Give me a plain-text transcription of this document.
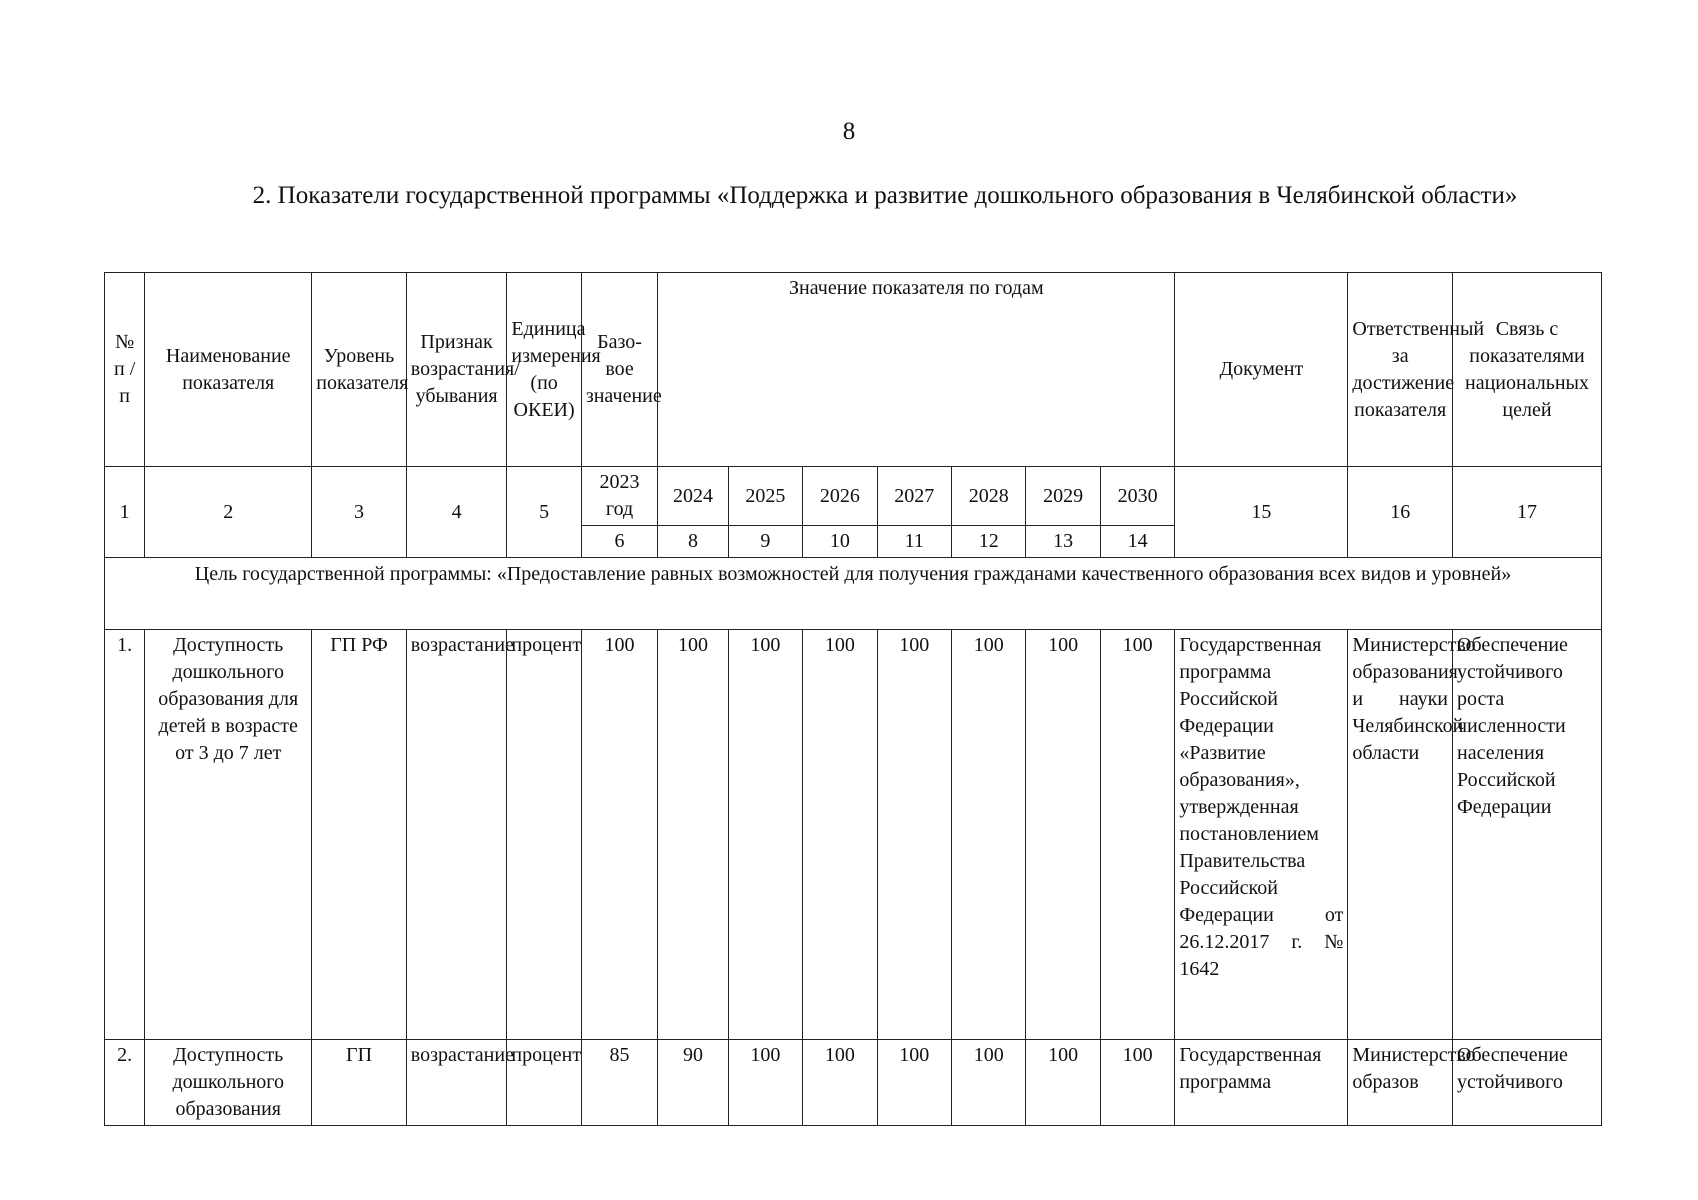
8
2. Показатели государственной программы «Поддержка и развитие дошкольного образования в Челябинской области»
№ п / п	Наименование показателя	Уровень показателя	Признак возрастания/ убывания	Единица измерения (по ОКЕИ)	Базо-вое значение	Значение показателя по годам							Документ	Ответственный за достижение показателя	Связь с показателями национальных целей
1	2	3	4	5	2023 год	2024	2025	2026	2027	2028	2029	2030	15	16	17
					6	8	9	10	11	12	13	14			
Цель государственной программы: «Предоставление равных возможностей для получения гражданами качественного образования всех видов и уровней»															
1.	Доступность дошкольного образования для детей в возрасте от 3 до 7 лет	ГП РФ	возрастание	процент	100	100	100	100	100	100	100	100	Государственная программа Российской Федерации «Развитие образования», утвержденная постановлением Правительства Российской Федерации от 26.12.2017 г. № 1642	Министерство образования и науки Челябинской области	Обеспечение устойчивого роста численности населения Российской Федерации
2.	Доступность дошкольного образования	ГП	возрастание	процент	85	90	100	100	100	100	100	100	Государственная программа	Министерство образов	Обеспечение устойчивого
